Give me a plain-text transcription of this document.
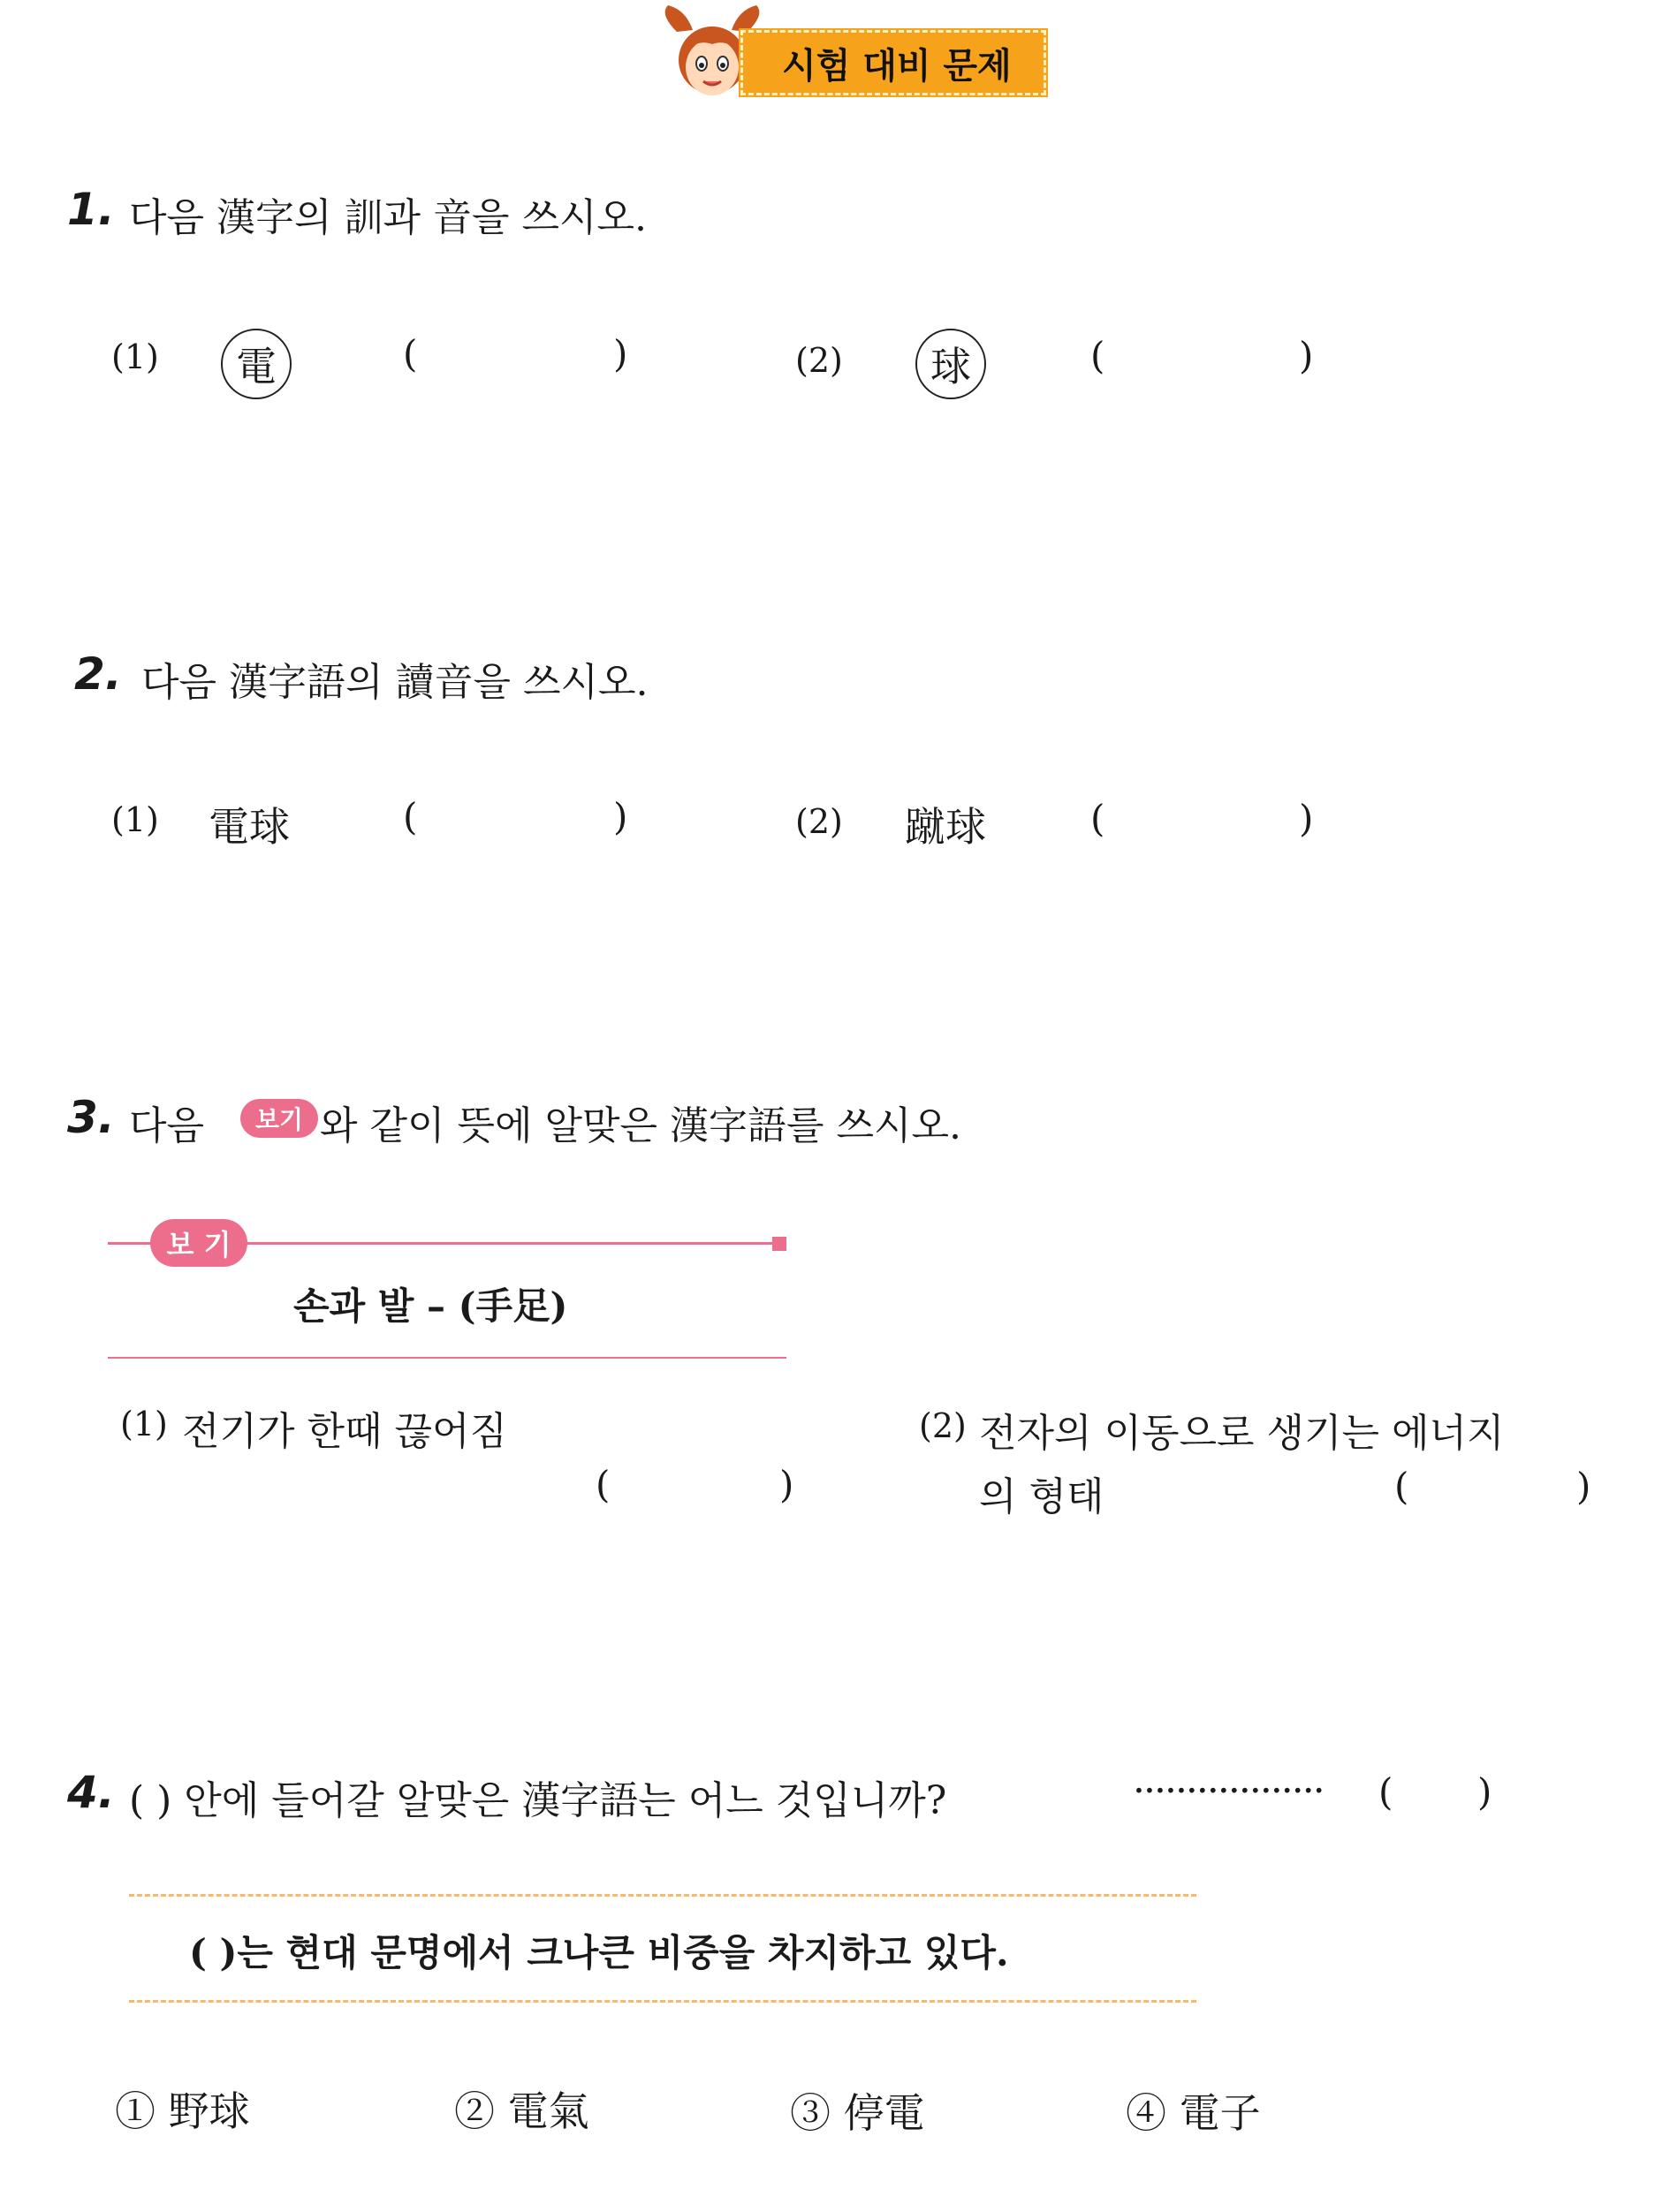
시험 대비 문제
1. 다음 漢字의 訓과 音을 쓰시오.
(1)	電	(	)	(2)	球	(	)
2. 다음 漢字語의 讀音을 쓰시오.
(1) 電球	(	)	(2) 蹴球	(	)
3. 다음	보기 와 같이 뜻에 알맞은 漢字語를 쓰시오.
보 기
손과 발 – (手足)
(1) 전기가 한때 끊어짐
(	)
(2) 전자의 이동으로 생기는 에너지
의 형태	(	)
4. ( ) 안에 들어갈 알맞은 漢字語는 어느 것입니까?	·················· ( )
( )는 현대 문명에서 크나큰 비중을 차지하고 있다.
① 野球	② 電氣	③ 停電	④ 電子
